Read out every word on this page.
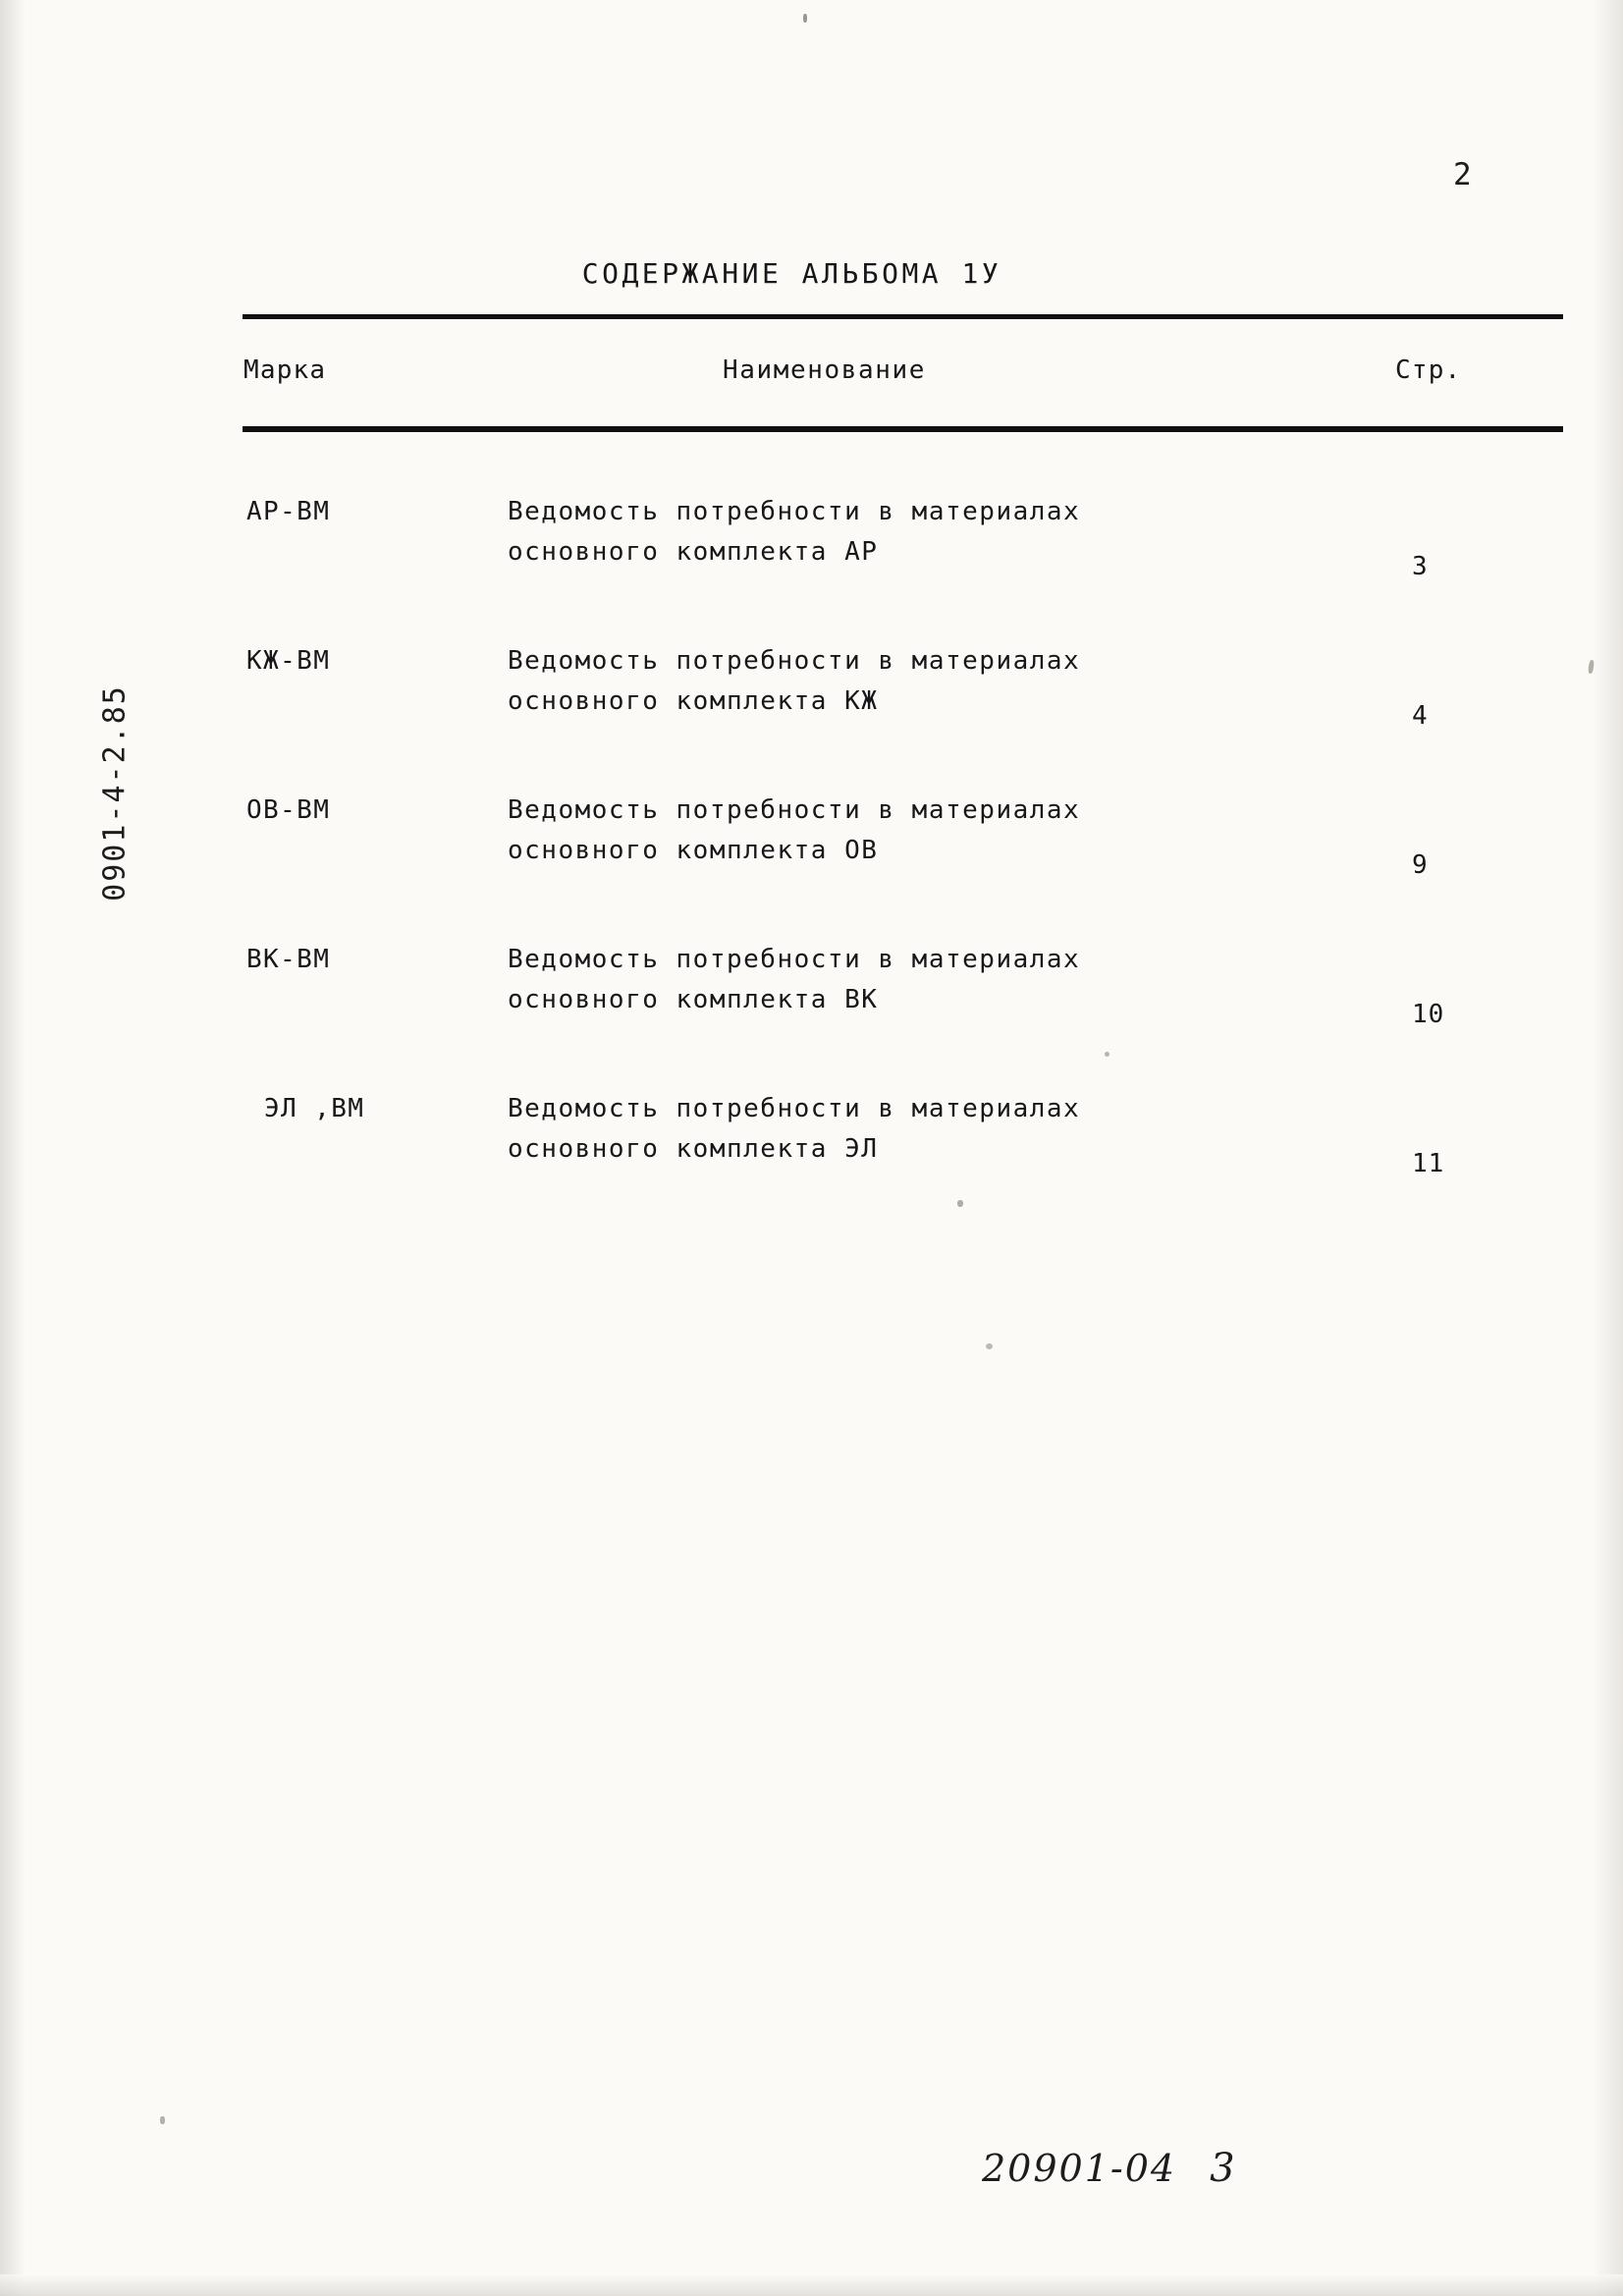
2
0901-4-2.85
СОДЕРЖАНИЕ АЛЬБОМА 1У
Марка	Наименование	Стр.
АР-ВМ	Ведомость потребности в материалах
основного комплекта АР	3
КЖ-ВМ	Ведомость потребности в материалах
основного комплекта КЖ	4
ОВ-ВМ	Ведомость потребности в материалах
основного комплекта ОВ	9
ВК-ВМ	Ведомость потребности в материалах
основного комплекта ВК	10
ЭЛ ,ВМ	Ведомость потребности в материалах
основного комплекта ЭЛ	11
20901-04 3
